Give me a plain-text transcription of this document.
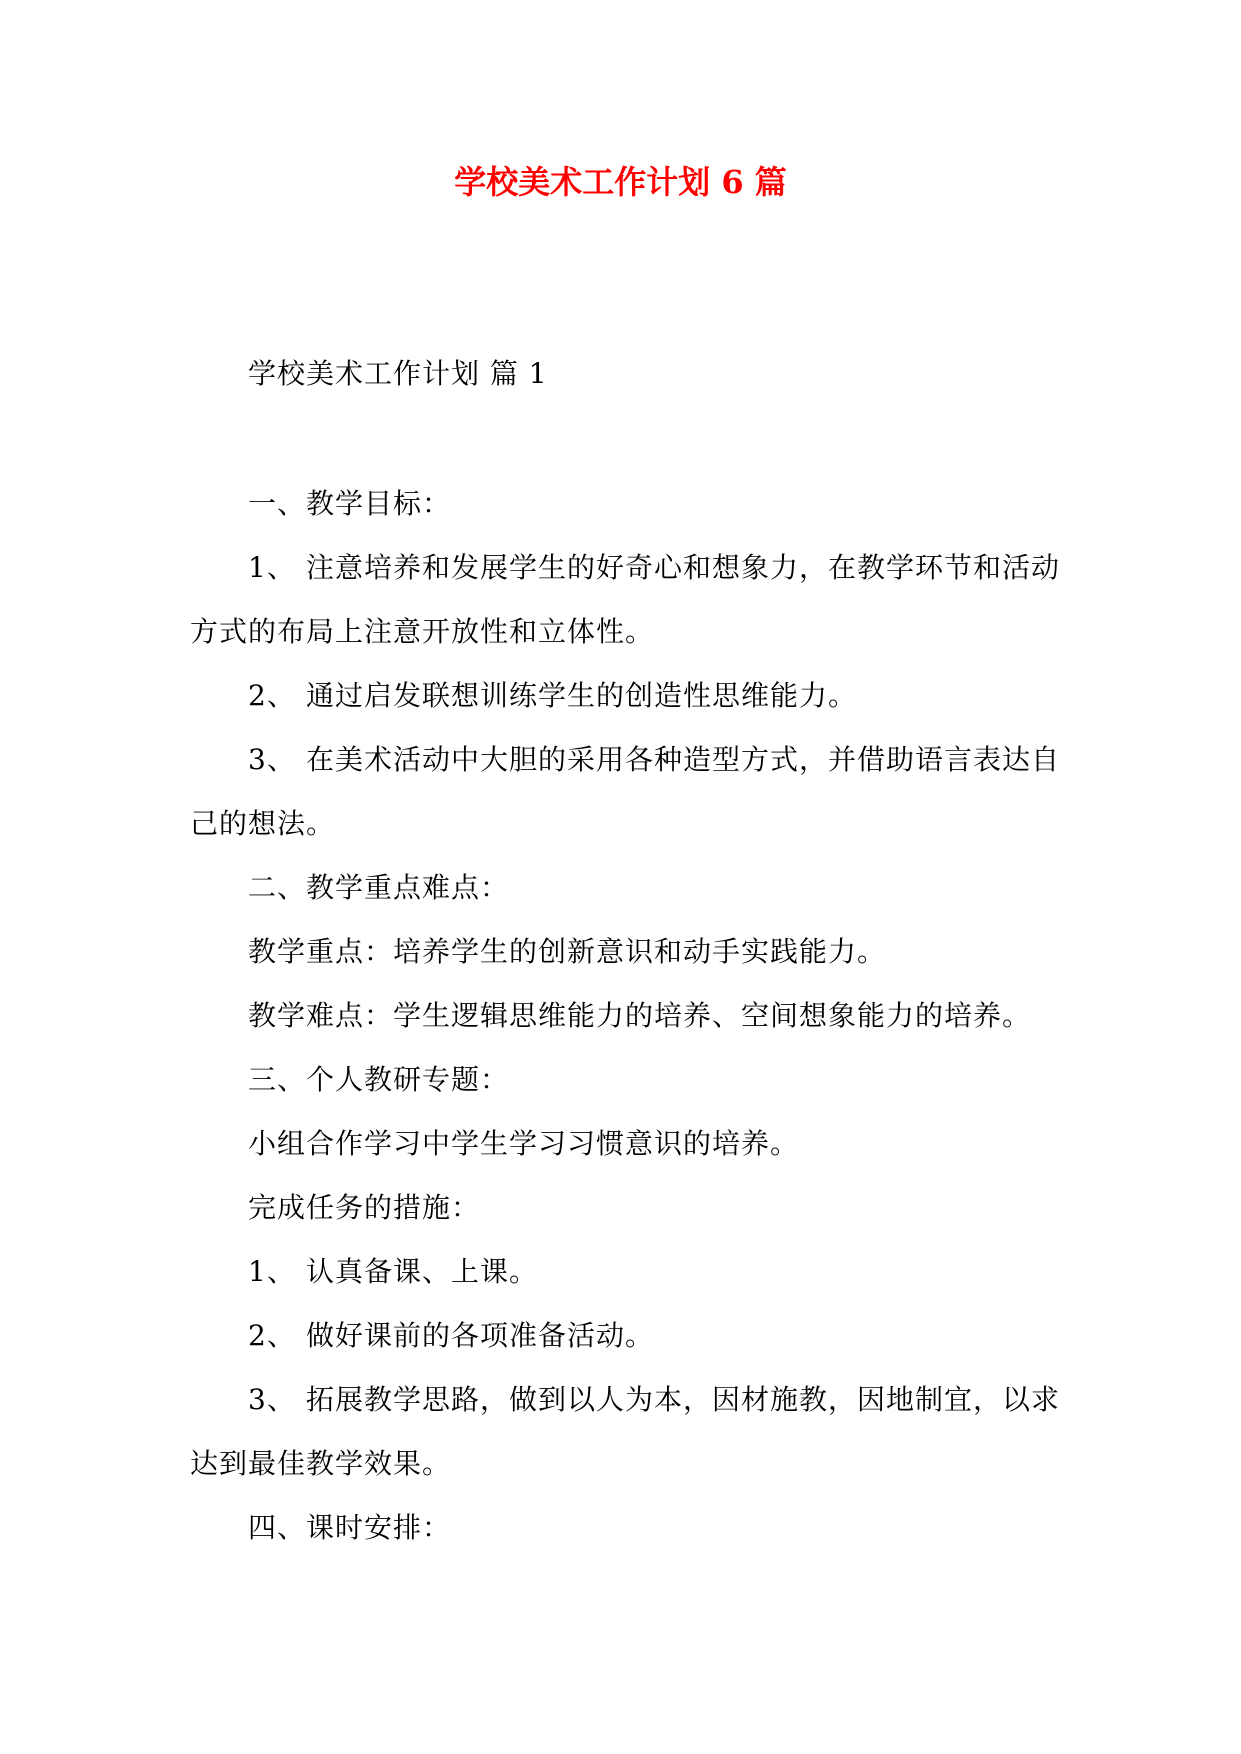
学校美术工作计划 6 篇
学校美术工作计划 篇 1
一、教学目标：
1、 注意培养和发展学生的好奇心和想象力，在教学环节和活动
方式的布局上注意开放性和立体性。
2、 通过启发联想训练学生的创造性思维能力。
3、 在美术活动中大胆的采用各种造型方式，并借助语言表达自
己的想法。
二、教学重点难点：
教学重点：培养学生的创新意识和动手实践能力。
教学难点：学生逻辑思维能力的培养、空间想象能力的培养。
三、个人教研专题：
小组合作学习中学生学习习惯意识的培养。
完成任务的措施：
1、 认真备课、上课。
2、 做好课前的各项准备活动。
3、 拓展教学思路，做到以人为本，因材施教，因地制宜，以求
达到最佳教学效果。
四、课时安排：
